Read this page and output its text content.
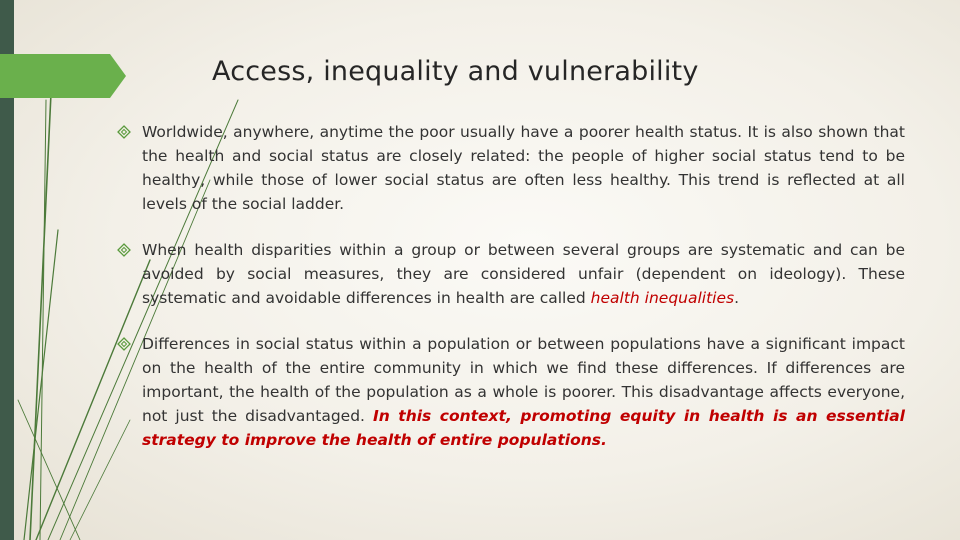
Access, inequality and vulnerability
Worldwide, anywhere, anytime the poor usually have a poorer health status. It is also shown that the health and social status are closely related: the people of higher social status tend to be healthy, while those of lower social status are often less healthy. This trend is reflected at all levels of the social ladder.
When health disparities within a group or between several groups are systematic and can be avoided by social measures, they are considered unfair (dependent on ideology). These systematic and avoidable differences in health are called health inequalities.
Differences in social status within a population or between populations have a significant impact on the health of the entire community in which we find these differences. If differences are important, the health of the population as a whole is poorer. This disadvantage affects everyone, not just the disadvantaged. In this context, promoting equity in health is an essential strategy to improve the health of entire populations.
